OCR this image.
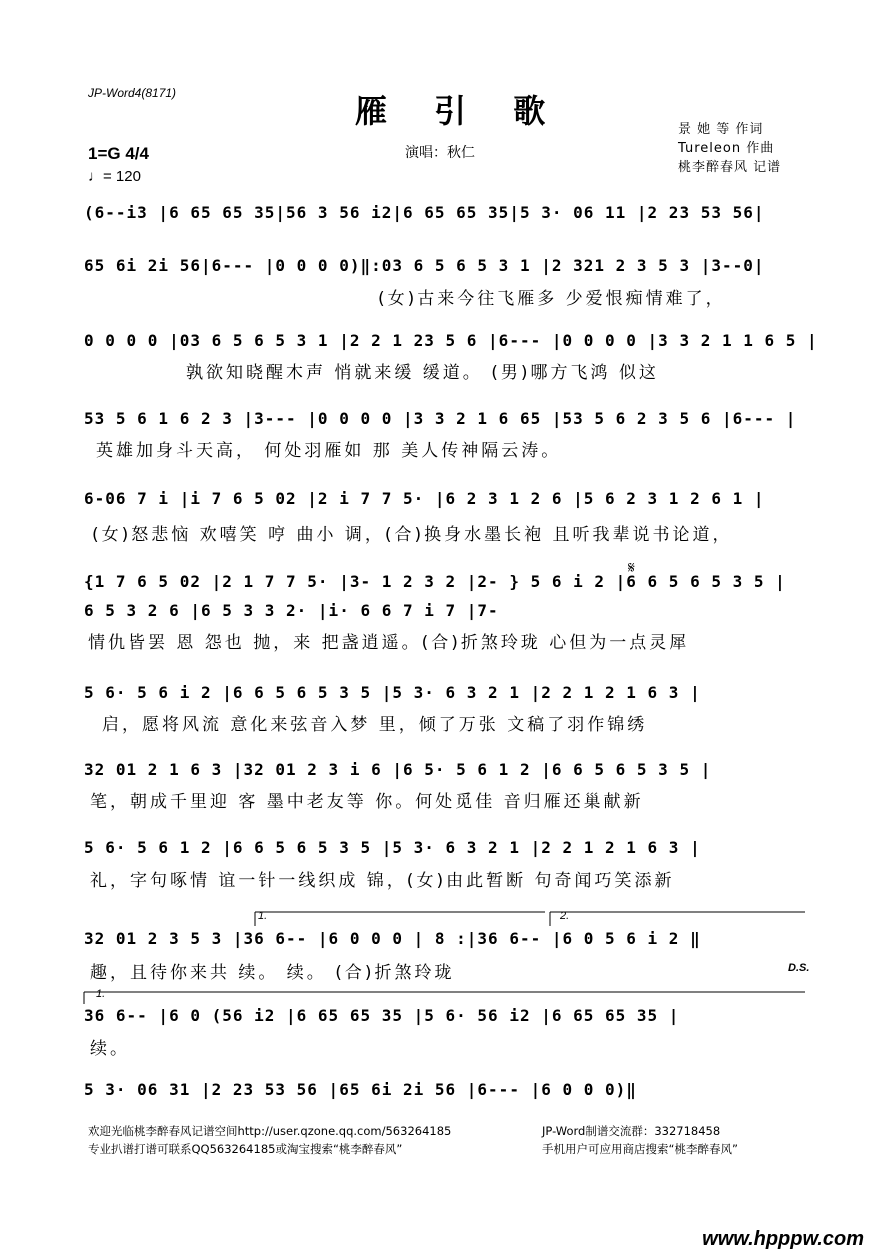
JP-Word4(8171)	雁 引 歌
1=G 4/4
♩= 120
演唱：秋仁
景 她 等 作词
Tureleon 作曲
桃李醉春风 记谱
(6--i3 |6 65 65 35|56 3 56 i2|6 65 65 35|5 3· 06 11 |2 23 53 56|
65 6i 2i 56|6--- |0 0 0 0)‖:03 6 5 6 5 3 1 |2 321 2 3 5 3 |3--0|
(女)古来今往飞雁多 少爱恨痴情难了，
0 0 0 0 |03 6 5 6 5 3 1 |2 2 1 23 5 6 |6--- |0 0 0 0 |3 3 2 1 1 6 5 |
孰欲知晓醒木声 悄就来缓 缓道。 (男)哪方飞鸿 似这
53 5 6 1 6 2 3 |3--- |0 0 0 0 |3 3 2 1 6 65 |53 5 6 2 3 5 6 |6--- |
英雄加身斗天高， 何处羽雁如 那 美人传神隔云涛。
6-06 7 i |i 7 6 5 02 |2 i 7 7 5· |6 2 3 1 2 6 |5 6 2 3 1 2 6 1 |
(女)怒悲恼 欢嘻笑 哼 曲小 调，(合)换身水墨长袍 且听我辈说书论道，
{1 7 6 5 02 |2 1 7 7 5· |3- 1 2 3 2 |2- } 5 6 i 2 |6 6 5 6 5 3 5 |
6 5 3 2 6 |6 5 3 3 2· |i· 6 6 7 i 7 |7-
𝄋
情仇皆罢 恩 怨也 抛，来 把盏逍遥。(合)折煞玲珑 心但为一点灵犀
5 6· 5 6 i 2 |6 6 5 6 5 3 5 |5 3· 6 3 2 1 |2 2 1 2 1 6 3 |
启，愿将风流 意化来弦音入梦 里，倾了万张 文稿了羽作锦绣
32 01 2 1 6 3 |32 01 2 3 i 6 |6 5· 5 6 1 2 |6 6 5 6 5 3 5 |
笔，朝成千里迎 客 墨中老友等 你。何处觅佳 音归雁还巢献新
5 6· 5 6 1 2 |6 6 5 6 5 3 5 |5 3· 6 3 2 1 |2 2 1 2 1 6 3 |
礼，字句啄情 谊一针一线织成 锦，(女)由此暂断 句奇闻巧笑添新
1.	2.
32 01 2 3 5 3 |36 6-- |6 0 0 0 | 8 :|36 6-- |6 0 5 6 i 2 ‖
趣，且待你来共 续。 续。 (合)折煞玲珑	D.S.
1.
36 6-- |6 0 (56 i2 |6 65 65 35 |5 6· 56 i2 |6 65 65 35 |
续。
5 3· 06 31 |2 23 53 56 |65 6i 2i 56 |6--- |6 0 0 0)‖
欢迎光临桃李醉春风记谱空间http://user.qzone.qq.com/563264185	JP-Word制谱交流群：332718458
专业扒谱打谱可联系QQ563264185或淘宝搜索“桃李醉春风”	手机用户可应用商店搜索“桃李醉春风”
www.hpppw.com
